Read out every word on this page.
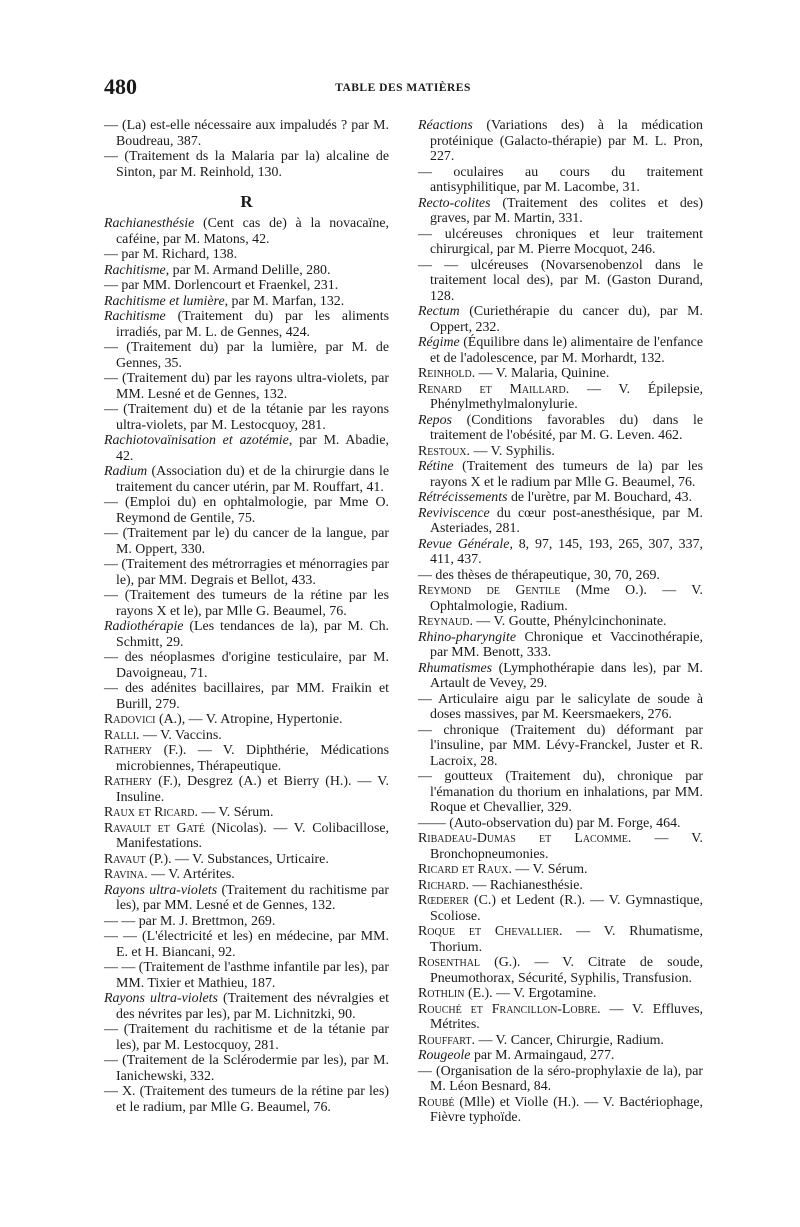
480	TABLE DES MATIÈRES

— (La) est-elle nécessaire aux impaludés ? par M. Boudreau, 387.

— (Traitement ds la Malaria par la) alcaline de Sinton, par M. Reinhold, 130.

R

Rachianesthésie (Cent cas de) à la novacaïne, caféine, par M. Matons, 42.

— par M. Richard, 138.

Rachitisme, par M. Armand Delille, 280.

— par MM. Dorlencourt et Fraenkel, 231.

Rachitisme et lumière, par M. Marfan, 132.

Rachitisme (Traitement du) par les aliments irradiés, par M. L. de Gennes, 424.

— (Traitement du) par la lumière, par M. de Gennes, 35.

— (Traitement du) par les rayons ultra-violets, par MM. Lesné et de Gennes, 132.

— (Traitement du) et de la tétanie par les rayons ultra-violets, par M. Lestocquoy, 281.

Rachiotovaïnisation et azotémie, par M. Abadie, 42.

Radium (Association du) et de la chirurgie dans le traitement du cancer utérin, par M. Rouffart, 41.

— (Emploi du) en ophtalmologie, par Mme O. Reymond de Gentile, 75.

— (Traitement par le) du cancer de la langue, par M. Oppert, 330.

— (Traitement des métrorragies et ménorragies par le), par MM. Degrais et Bellot, 433.

— (Traitement des tumeurs de la rétine par les rayons X et le), par Mlle G. Beaumel, 76.

Radiothérapie (Les tendances de la), par M. Ch. Schmitt, 29.

— des néoplasmes d'origine testiculaire, par M. Davoigneau, 71.

— des adénites bacillaires, par MM. Fraikin et Burill, 279.

Radovici (A.), — V. Atropine, Hypertonie.

Ralli. — V. Vaccins.

Rathery (F.). — V. Diphthérie, Médications microbiennes, Thérapeutique.

Rathery (F.), Desgrez (A.) et Bierry (H.). — V. Insuline.

Raux et Ricard. — V. Sérum.

Ravault et Gaté (Nicolas). — V. Colibacillose, Manifestations.

Ravaut (P.). — V. Substances, Urticaire.

Ravina. — V. Artérites.

Rayons ultra-violets (Traitement du rachitisme par les), par MM. Lesné et de Gennes, 132.

— — par M. J. Brettmon, 269.

— — (L'électricité et les) en médecine, par MM. E. et H. Biancani, 92.

— — (Traitement de l'asthme infantile par les), par MM. Tixier et Mathieu, 187.

Rayons ultra-violets (Traitement des névralgies et des névrites par les), par M. Lichnitzki, 90.

— (Traitement du rachitisme et de la tétanie par les), par M. Lestocquoy, 281.

— (Traitement de la Sclérodermie par les), par M. Ianichewski, 332.

— X. (Traitement des tumeurs de la rétine par les) et le radium, par Mlle G. Beaumel, 76.

Réactions (Variations des) à la médication protéinique (Galacto-thérapie) par M. L. Pron, 227.

— oculaires au cours du traitement antisyphilitique, par M. Lacombe, 31.

Recto-colites (Traitement des colites et des) graves, par M. Martin, 331.

— ulcéreuses chroniques et leur traitement chirurgical, par M. Pierre Mocquot, 246.

— — ulcéreuses (Novarsenobenzol dans le traitement local des), par M. (Gaston Durand, 128.

Rectum (Curiethérapie du cancer du), par M. Oppert, 232.

Régime (Équilibre dans le) alimentaire de l'enfance et de l'adolescence, par M. Morhardt, 132.

Reinhold. — V. Malaria, Quinine.

Renard et Maillard. — V. Épilepsie, Phénylmethylmalonylurie.

Repos (Conditions favorables du) dans le traitement de l'obésité, par M. G. Leven. 462.

Restoux. — V. Syphilis.

Rétine (Traitement des tumeurs de la) par les rayons X et le radium par Mlle G. Beaumel, 76.

Rétrécissements de l'urètre, par M. Bouchard, 43.

Reviviscence du cœur post-anesthésique, par M. Asteriades, 281.

Revue Générale, 8, 97, 145, 193, 265, 307, 337, 411, 437.

— des thèses de thérapeutique, 30, 70, 269.

Reymond de Gentile (Mme O.). — V. Ophtalmologie, Radium.

Reynaud. — V. Goutte, Phénylcinchoninate.

Rhino-pharyngite Chronique et Vaccinothérapie, par MM. Benott, 333.

Rhumatismes (Lymphothérapie dans les), par M. Artault de Vevey, 29.

— Articulaire aigu par le salicylate de soude à doses massives, par M. Keersmaekers, 276.

— chronique (Traitement du) déformant par l'insuline, par MM. Lévy-Franckel, Juster et R. Lacroix, 28.

— goutteux (Traitement du), chronique par l'émanation du thorium en inhalations, par MM. Roque et Chevallier, 329.

—— (Auto-observation du) par M. Forge, 464.

Ribadeau-Dumas et Lacomme. — V. Bronchopneumonies.

Ricard et Raux. — V. Sérum.

Richard. — Rachianesthésie.

Rœderer (C.) et Ledent (R.). — V. Gymnastique, Scoliose.

Roque et Chevallier. — V. Rhumatisme, Thorium.

Rosenthal (G.). — V. Citrate de soude, Pneumothorax, Sécurité, Syphilis, Transfusion.

Rothlin (E.). — V. Ergotamine.

Rouché et Francillon-Lobre. — V. Effluves, Métrites.

Rouffart. — V. Cancer, Chirurgie, Radium.

Rougeole par M. Armaingaud, 277.

— (Organisation de la séro-prophylaxie de la), par M. Léon Besnard, 84.

Roubé (Mlle) et Violle (H.). — V. Bactériophage, Fièvre typhoïde.
